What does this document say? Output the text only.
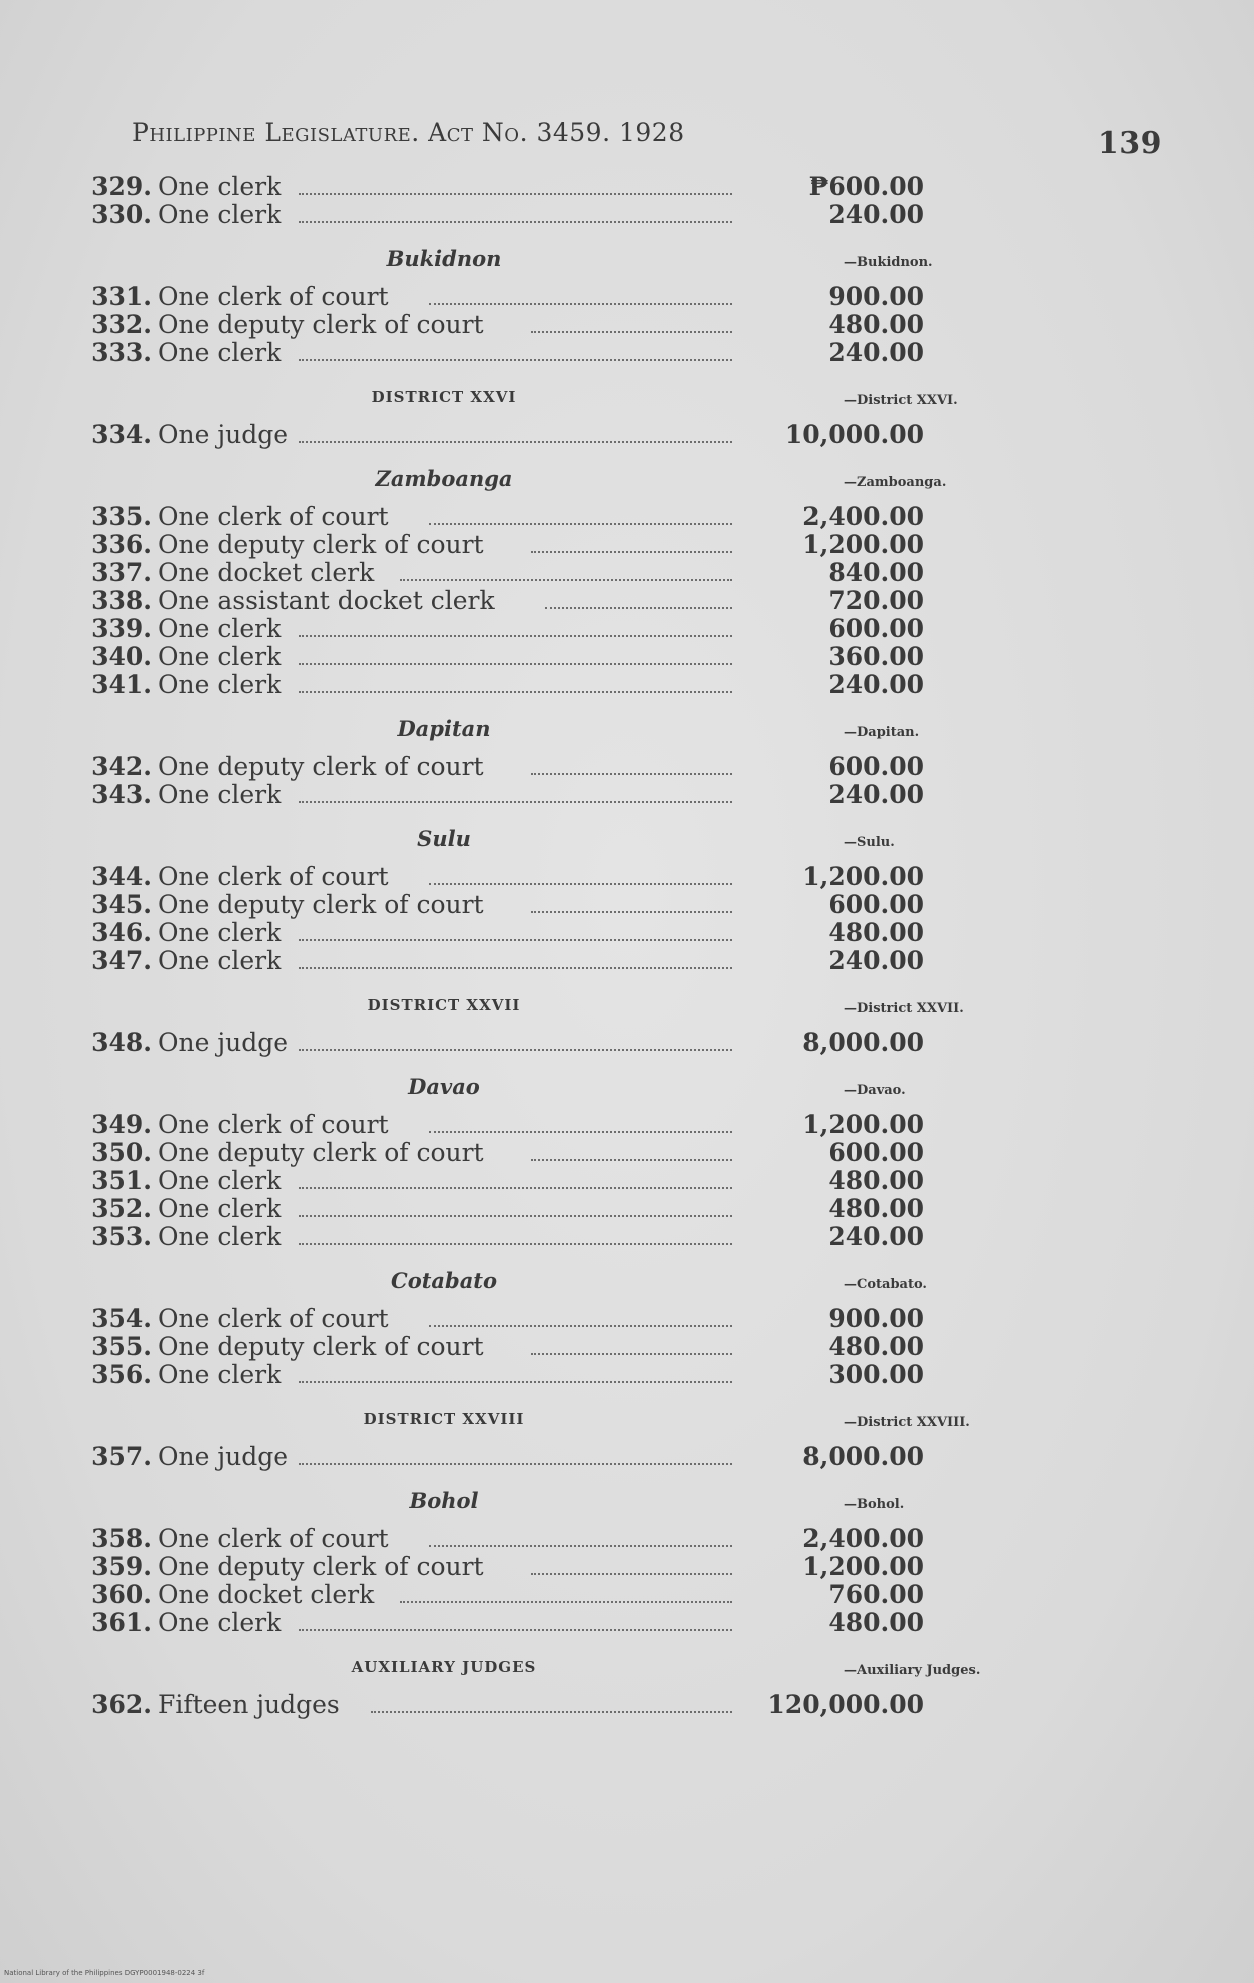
Philippine Legislature. Act No. 3459. 1928	139
329. One clerk	₱600.00
330. One clerk	240.00
Bukidnon	—Bukidnon.
331. One clerk of court	900.00
332. One deputy clerk of court	480.00
333. One clerk	240.00
DISTRICT XXVI	—District XXVI.
334. One judge	10,000.00
Zamboanga	—Zamboanga.
335. One clerk of court	2,400.00
336. One deputy clerk of court	1,200.00
337. One docket clerk	840.00
338. One assistant docket clerk	720.00
339. One clerk	600.00
340. One clerk	360.00
341. One clerk	240.00
Dapitan	—Dapitan.
342. One deputy clerk of court	600.00
343. One clerk	240.00
Sulu	—Sulu.
344. One clerk of court	1,200.00
345. One deputy clerk of court	600.00
346. One clerk	480.00
347. One clerk	240.00
DISTRICT XXVII	—District XXVII.
348. One judge	8,000.00
Davao	—Davao.
349. One clerk of court	1,200.00
350. One deputy clerk of court	600.00
351. One clerk	480.00
352. One clerk	480.00
353. One clerk	240.00
Cotabato	—Cotabato.
354. One clerk of court	900.00
355. One deputy clerk of court	480.00
356. One clerk	300.00
DISTRICT XXVIII	—District XXVIII.
357. One judge	8,000.00
Bohol	—Bohol.
358. One clerk of court	2,400.00
359. One deputy clerk of court	1,200.00
360. One docket clerk	760.00
361. One clerk	480.00
AUXILIARY JUDGES	—Auxiliary Judges.
362. Fifteen judges	120,000.00
National Library of the Philippines DGYP0001948-0224 3f
